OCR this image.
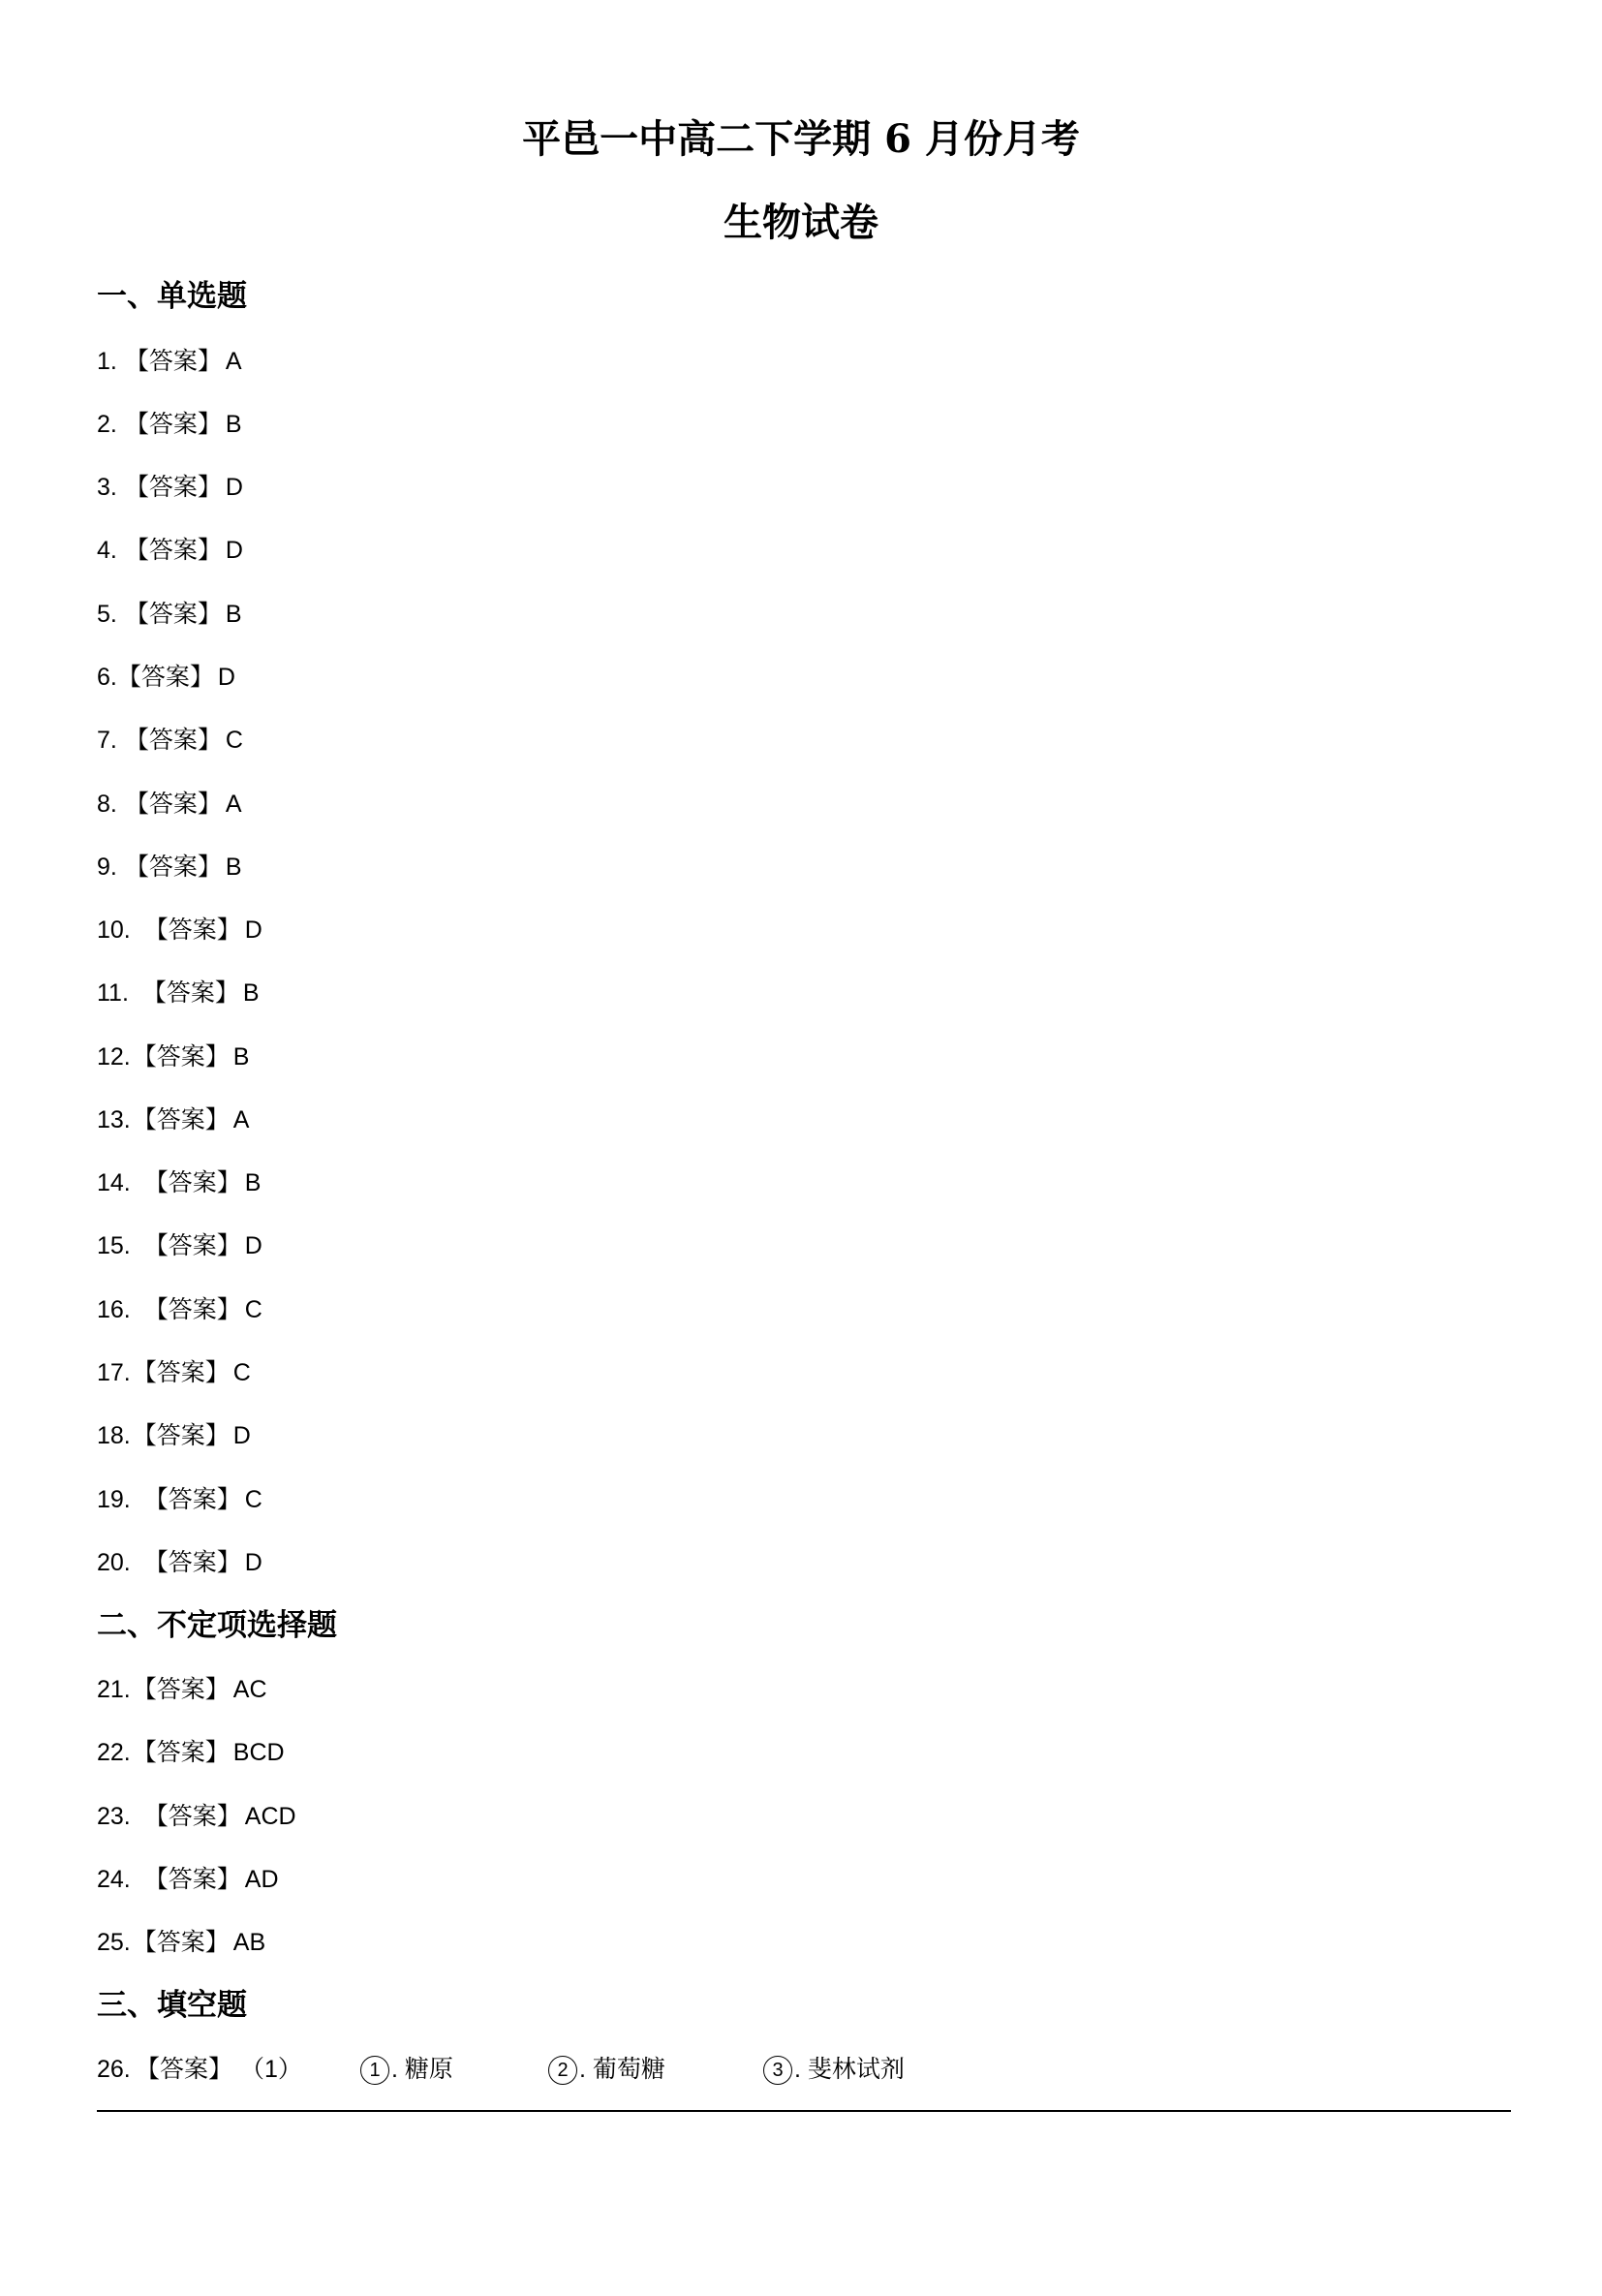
平邑一中高二下学期 6 月份月考
生物试卷
一、单选题
1. 【答案】 A
2. 【答案】 B
3. 【答案】 D
4. 【答案】 D
5. 【答案】 B
6.【答案】 D
7. 【答案】 C
8. 【答案】 A
9. 【答案】 B
10. 【答案】 D
11. 【答案】 B
12.【答案】 B
13.【答案】 A
14. 【答案】 B
15. 【答案】 D
16. 【答案】 C
17.【答案】 C
18.【答案】 D
19. 【答案】 C
20. 【答案】 D
二、不定项选择题
21.【答案】 AC
22.【答案】 BCD
23. 【答案】 ACD
24. 【答案】 AD
25.【答案】 AB
三、填空题

26.

【答案】

（1）

	1 . 糖原

	2 . 葡萄糖

	3 . 斐林试剂
